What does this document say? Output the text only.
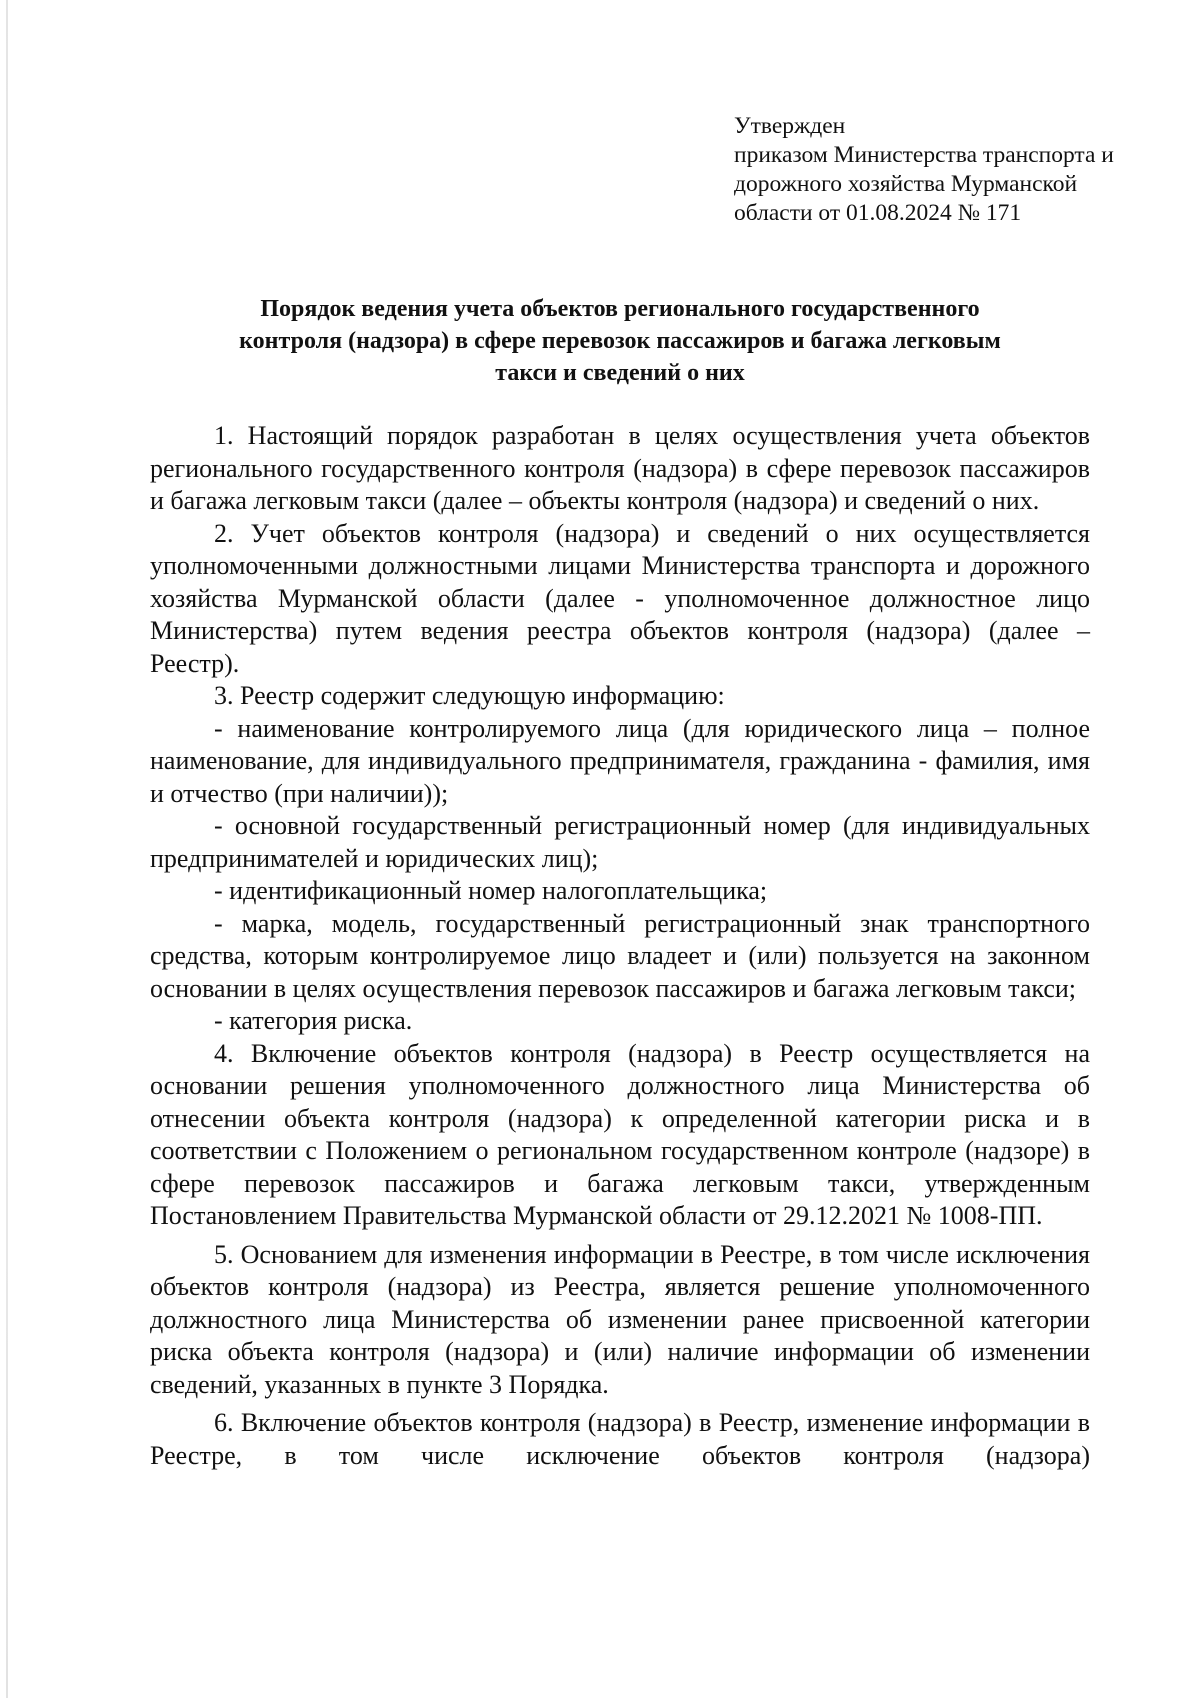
Утвержден
приказом Министерства транспорта и
дорожного хозяйства Мурманской
области от 01.08.2024 № 171
Порядок ведения учета объектов регионального государственного
контроля (надзора) в сфере перевозок пассажиров и багажа легковым
такси и сведений о них
1. Настоящий порядок разработан в целях осуществления учета объектов регионального государственного контроля (надзора) в сфере перевозок пассажиров и багажа легковым такси (далее – объекты контроля (надзора) и сведений о них.
2. Учет объектов контроля (надзора) и сведений о них осуществляется уполномоченными должностными лицами Министерства транспорта и дорожного хозяйства Мурманской области (далее - уполномоченное должностное лицо Министерства) путем ведения реестра объектов контроля (надзора) (далее – Реестр).
3. Реестр содержит следующую информацию:
- наименование контролируемого лица (для юридического лица – полное наименование, для индивидуального предпринимателя, гражданина - фамилия, имя и отчество (при наличии));
- основной государственный регистрационный номер (для индивидуальных предпринимателей и юридических лиц);
- идентификационный номер налогоплательщика;
- марка, модель, государственный регистрационный знак транспортного средства, которым контролируемое лицо владеет и (или) пользуется на законном основании в целях осуществления перевозок пассажиров и багажа легковым такси;
- категория риска.
4. Включение объектов контроля (надзора) в Реестр осуществляется на основании решения уполномоченного должностного лица Министерства об отнесении объекта контроля (надзора) к определенной категории риска и в соответствии с Положением о региональном государственном контроле (надзоре) в сфере перевозок пассажиров и багажа легковым такси, утвержденным Постановлением Правительства Мурманской области от 29.12.2021 № 1008-ПП.
5. Основанием для изменения информации в Реестре, в том числе исключения объектов контроля (надзора) из Реестра, является решение уполномоченного должностного лица Министерства об изменении ранее присвоенной категории риска объекта контроля (надзора) и (или) наличие информации об изменении сведений, указанных в пункте 3 Порядка.
6. Включение объектов контроля (надзора) в Реестр, изменение информации в Реестре, в том числе исключение объектов контроля (надзора)
